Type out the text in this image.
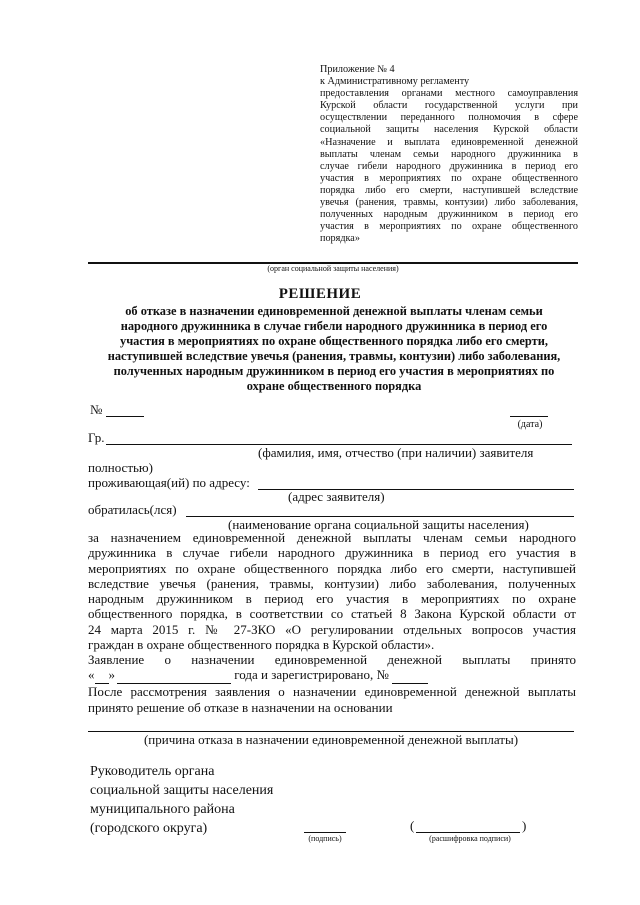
Приложение № 4
к Административному регламенту
предоставления органами местного самоуправления
Курской области государственной услуги при
осуществлении переданного полномочия в сфере
социальной защиты населения Курской области
«Назначение и выплата единовременной денежной
выплаты членам семьи народного дружинника в
случае гибели народного дружинника в период его
участия в мероприятиях по охране общественного
порядка либо его смерти, наступившей вследствие
увечья (ранения, травмы, контузии) либо заболевания,
полученных народным дружинником в период его
участия в мероприятиях по охране общественного
порядка»
(орган социальной защиты населения)
РЕШЕНИЕ
об отказе в назначении единовременной денежной выплаты членам семьи
народного дружинника в случае гибели народного дружинника в период его
участия в мероприятиях по охране общественного порядка либо его смерти,
наступившей вследствие увечья (ранения, травмы, контузии) либо заболевания,
полученных народным дружинником в период его участия в мероприятиях по
охране общественного порядка
№
(дата)
Гр.
(фамилия, имя, отчество (при наличии) заявителя
полностью)
проживающая(ий) по адресу:
(адрес заявителя)
обратилась(лся)
(наименование органа социальной защиты населения)
за назначением единовременной денежной выплаты членам семьи народного
дружинника в случае гибели народного дружинника в период его участия в
мероприятиях по охране общественного порядка либо его смерти, наступившей
вследствие увечья (ранения, травмы, контузии) либо заболевания, полученных
народным дружинником в период его участия в мероприятиях по охране
общественного порядка, в соответствии со статьей 8 Закона Курской области от
24 марта 2015 г. № 27-ЗКО «О регулировании отдельных вопросов участия
граждан в охране общественного порядка в Курской области».
Заявление о назначении единовременной денежной выплаты принято
« »	года и зарегистрировано, №
После рассмотрения заявления о назначении единовременной денежной выплаты
принято решение об отказе в назначении на основании
(причина отказа в назначении единовременной денежной выплаты)
Руководитель органа
социальной защиты населения
муниципального района
(городского округа)
(подпись)
(	)
(расшифровка подписи)
